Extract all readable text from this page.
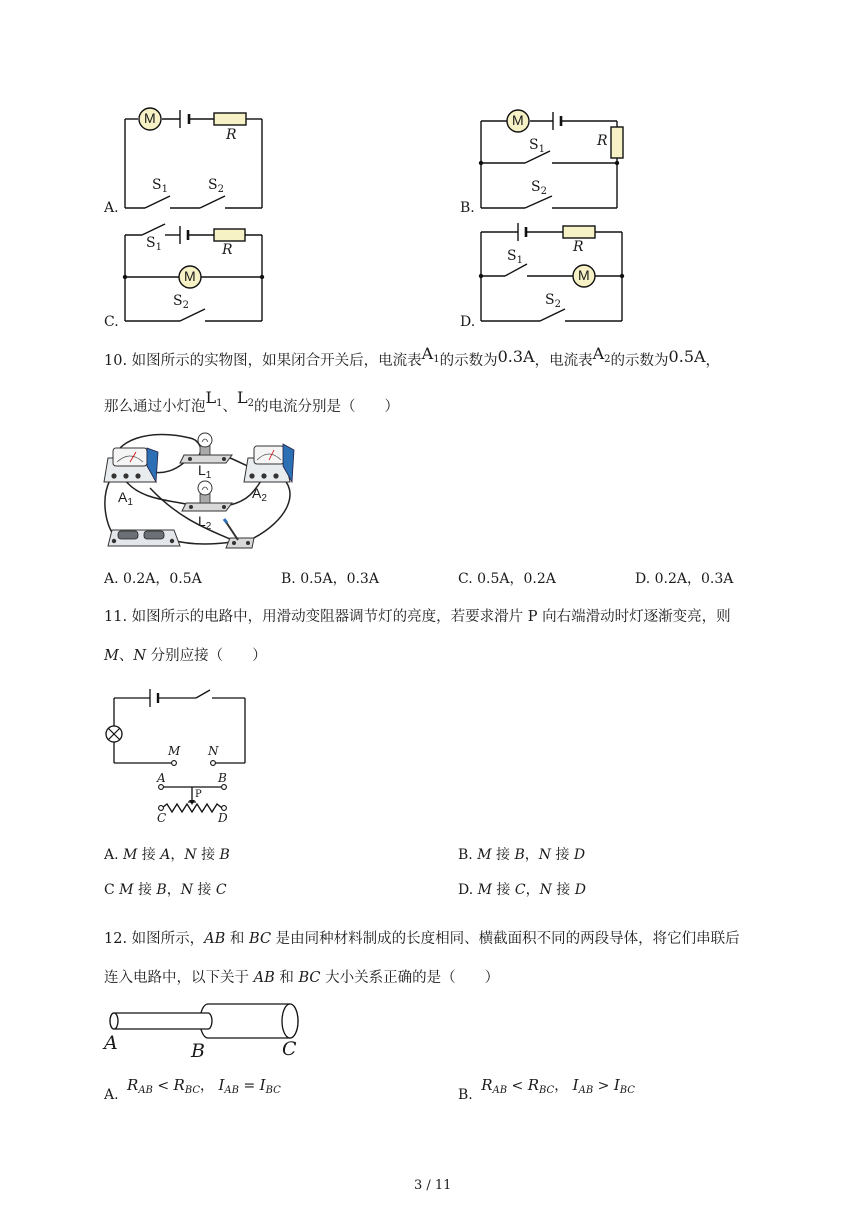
A.
M
R
$S_1$	$S_2$
B.
M
R
$S_1$
$S_2$
C.
M
R
$S_1$
$S_2$
D.
M
R
$S_1$
$S_2$
10. 如图所示的实物图，如果闭合开关后，电流表$A_1$的示数为0.3A，电流表$A_2$的示数为0.5A，
那么通过小灯泡$L_1$、$L_2$的电流分别是（　　）
$A_1$
$A_2$
$L_1$
$L_2$
A. 0.2A，0.5A	B. 0.5A，0.3A	C. 0.5A，0.2A	D. 0.2A，0.3A
11. 如图所示的电路中，用滑动变阻器调节灯的亮度，若要求滑片 P 向右端滑动时灯逐渐变亮，则
M、N 分别应接（　　）
M N
A	B
P
C	D
A. M 接 A，N 接 B	B. M 接 B，N 接 D
C M 接 B，N 接 C	D. M 接 C，N 接 D
12. 如图所示，AB 和 BC 是由同种材料制成的长度相同、横截面积不同的两段导体，将它们串联后
连入电路中，以下关于 AB 和 BC 大小关系正确的是（　　）
A	B	C
A. $R_{AB} < R_{BC}$， $I_{AB} = I_{BC}$	B. $R_{AB} < R_{BC}$， $I_{AB} > I_{BC}$
3 / 11
